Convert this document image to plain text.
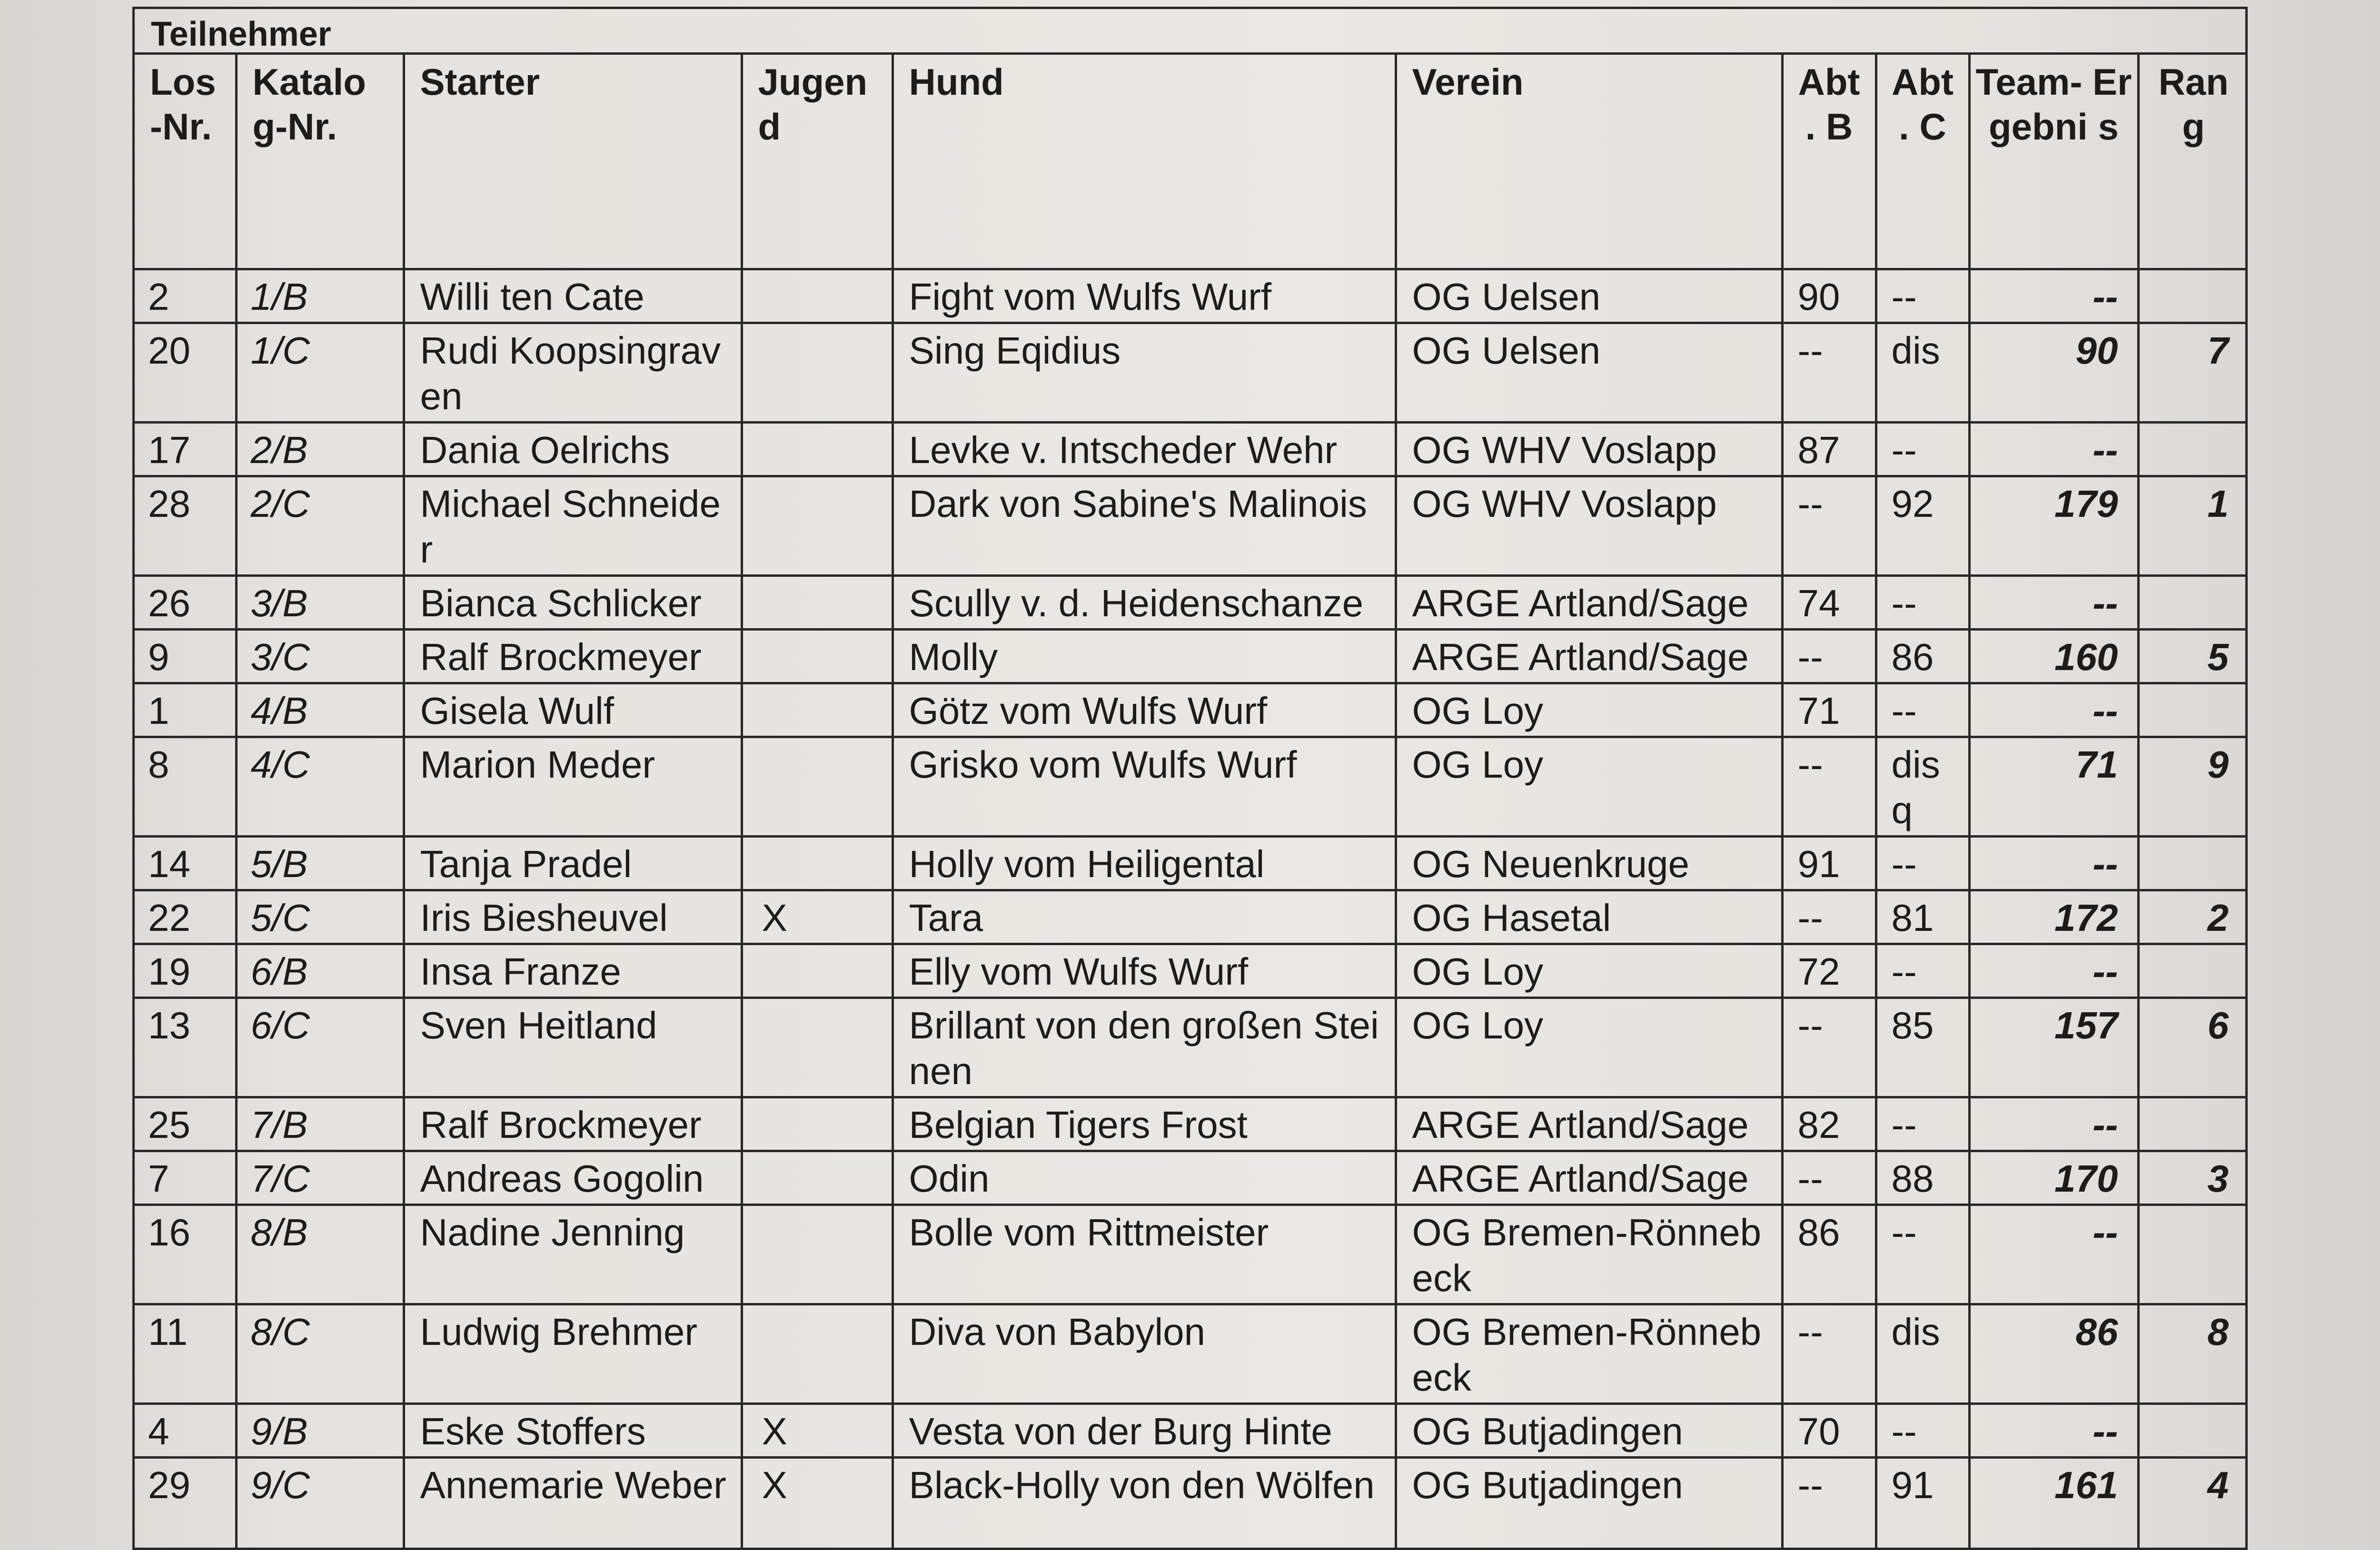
Teilnehmer
Los -Nr.	Katalo g-Nr.	Starter	Jugen d	Hund	Verein	Abt . B	Abt . C	Team- Ergebni s	Ran g
2	1/B	Willi ten Cate		Fight vom Wulfs Wurf	OG Uelsen	90	--	--	
20	1/C	Rudi Koopsingraven		Sing Eqidius	OG Uelsen	--	dis	90	7
17	2/B	Dania Oelrichs		Levke v. Intscheder Wehr	OG WHV Voslapp	87	--	--	
28	2/C	Michael Schneider		Dark von Sabine's Malinois	OG WHV Voslapp	--	92	179	1
26	3/B	Bianca Schlicker		Scully v. d. Heidenschanze	ARGE Artland/Sage	74	--	--	
9	3/C	Ralf Brockmeyer		Molly	ARGE Artland/Sage	--	86	160	5
1	4/B	Gisela Wulf		Götz vom Wulfs Wurf	OG Loy	71	--	--	
8	4/C	Marion Meder		Grisko vom Wulfs Wurf	OG Loy	--	dis q	71	9
14	5/B	Tanja Pradel		Holly vom Heiligental	OG Neuenkruge	91	--	--	
22	5/C	Iris Biesheuvel	X	Tara	OG Hasetal	--	81	172	2
19	6/B	Insa Franze		Elly vom Wulfs Wurf	OG Loy	72	--	--	
13	6/C	Sven Heitland		Brillant von den großen Steinen	OG Loy	--	85	157	6
25	7/B	Ralf Brockmeyer		Belgian Tigers Frost	ARGE Artland/Sage	82	--	--	
7	7/C	Andreas Gogolin		Odin	ARGE Artland/Sage	--	88	170	3
16	8/B	Nadine Jenning		Bolle vom Rittmeister	OG Bremen-Rönnebeck	86	--	--	
11	8/C	Ludwig Brehmer		Diva von Babylon	OG Bremen-Rönnebeck	--	dis	86	8
4	9/B	Eske Stoffers	X	Vesta von der Burg Hinte	OG Butjadingen	70	--	--	
29	9/C	Annemarie Weber	X	Black-Holly von den Wölfen	OG Butjadingen	--	91	161	4
